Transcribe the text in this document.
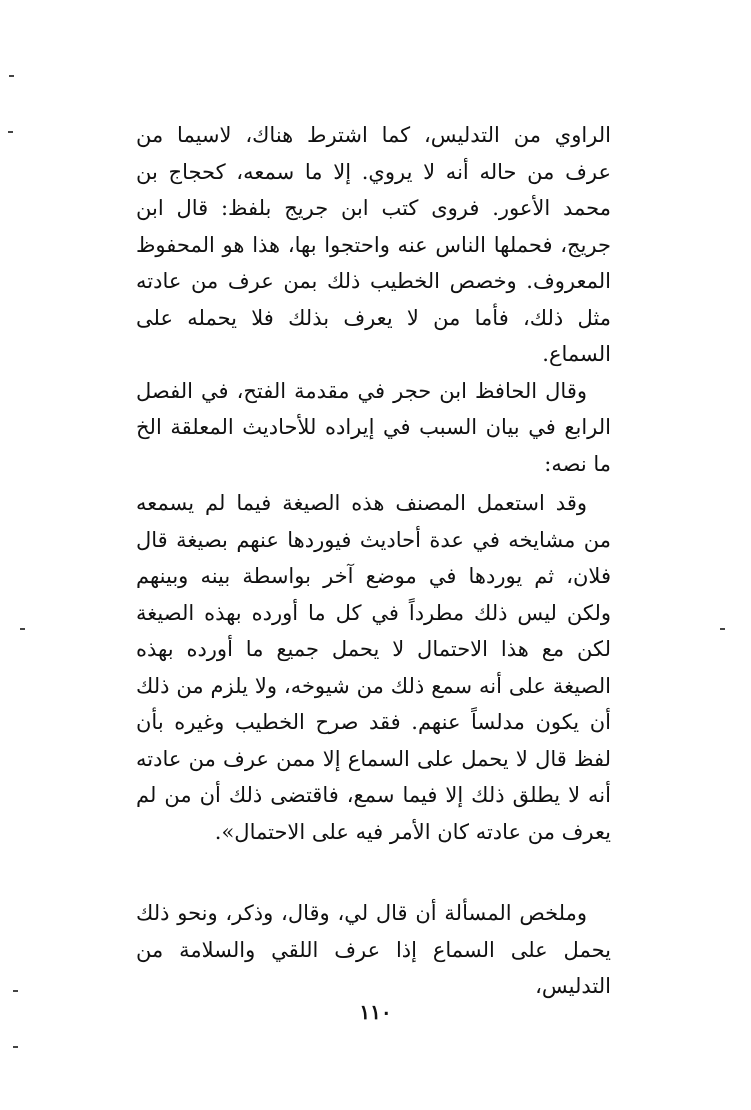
الراوي من التدليس، كما اشترط هناك، لاسيما من عرف من حاله أنه لا يروي. إلا ما سمعه، كحجاج بن محمد الأعور. فروى كتب ابن جريج بلفظ: قال ابن جريج، فحملها الناس عنه واحتجوا بها، هذا هو المحفوظ المعروف. وخصص الخطيب ذلك بمن عرف من عادته مثل ذلك، فأما من لا يعرف بذلك فلا يحمله على السماع.

وقال الحافظ ابن حجر في مقدمة الفتح، في الفصل الرابع في بيان السبب في إيراده للأحاديث المعلقة الخ ما نصه:

وقد استعمل المصنف هذه الصيغة فيما لم يسمعه من مشايخه في عدة أحاديث فيوردها عنهم بصيغة قال فلان، ثم يوردها في موضع آخر بواسطة بينه وبينهم ولكن ليس ذلك مطرداً في كل ما أورده بهذه الصيغة لكن مع هذا الاحتمال لا يحمل جميع ما أورده بهذه الصيغة على أنه سمع ذلك من شيوخه، ولا يلزم من ذلك أن يكون مدلساً عنهم. فقد صرح الخطيب وغيره بأن لفظ قال لا يحمل على السماع إلا ممن عرف من عادته أنه لا يطلق ذلك إلا فيما سمع، فاقتضى ذلك أن من لم يعرف من عادته كان الأمر فيه على الاحتمال».

وملخص المسألة أن قال لي، وقال، وذكر، ونحو ذلك يحمل على السماع إذا عرف اللقي والسلامة من التدليس،

١١٠
